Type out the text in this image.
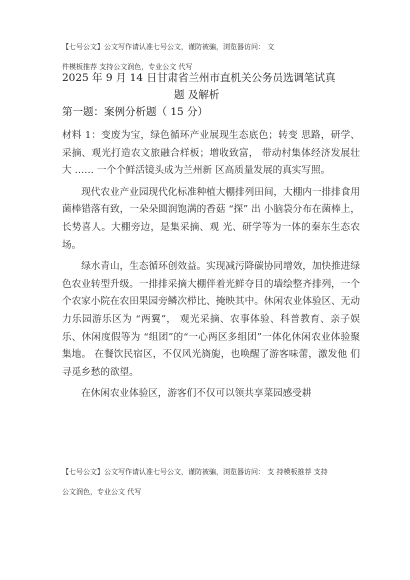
【七号公文】公文写作请认准七号公文，谨防被骗，浏览器访问： 文
件模板推荐 支持公文润色，专业公文 代写
2025 年 9 月 14 日甘肃省兰州市直机关公务员选调笔试真
题 及解析
第一题：案例分析题（ 15 分）

材料 1：变废为宝，绿色循环产业展现生态底色；转变 思路，研学、采摘、观光打造农文旅融合样板；增收致富， 带动村集体经济发展壮大 …… 一个个鲜活镜头成为兰州新 区高质量发展的真实写照。

现代农业产业园现代化标准种植大棚排列田间，大棚内一排排食用菌棒错落有致，一朵朵圆润饱满的香菇 “探” 出 小脑袋分布在菌棒上，长势喜人。大棚旁边，是集采摘、观 光、研学等为一体的秦东生态农场。

绿水青山，生态循环创效益。实现减污降碳协同增效，加快推进绿色农业转型升级。一排排采摘大棚伴着光鲜夺目的墙绘整齐排列，一个个农家小院在农田果园旁鳞次栉比、掩映其中。休闲农业体验区、无动力乐园游乐区为 “两翼”， 观光采摘、农事体验、科普教育、亲子娱乐、休闲度假等为 “组团”的“一心两区多组团”一体化休闲农业体验聚集地。 在餐饮民宿区，不仅风光旖旎，也唤醒了游客味蕾，激发他 们寻觅乡愁的欲望。

在休闲农业体验区，游客们不仅可以领共享菜园感受耕

【七号公文】公文写作请认准七号公文，谨防被骗，浏览器访问： 支 持模板推荐 支持
公文润色，专业公文 代写
